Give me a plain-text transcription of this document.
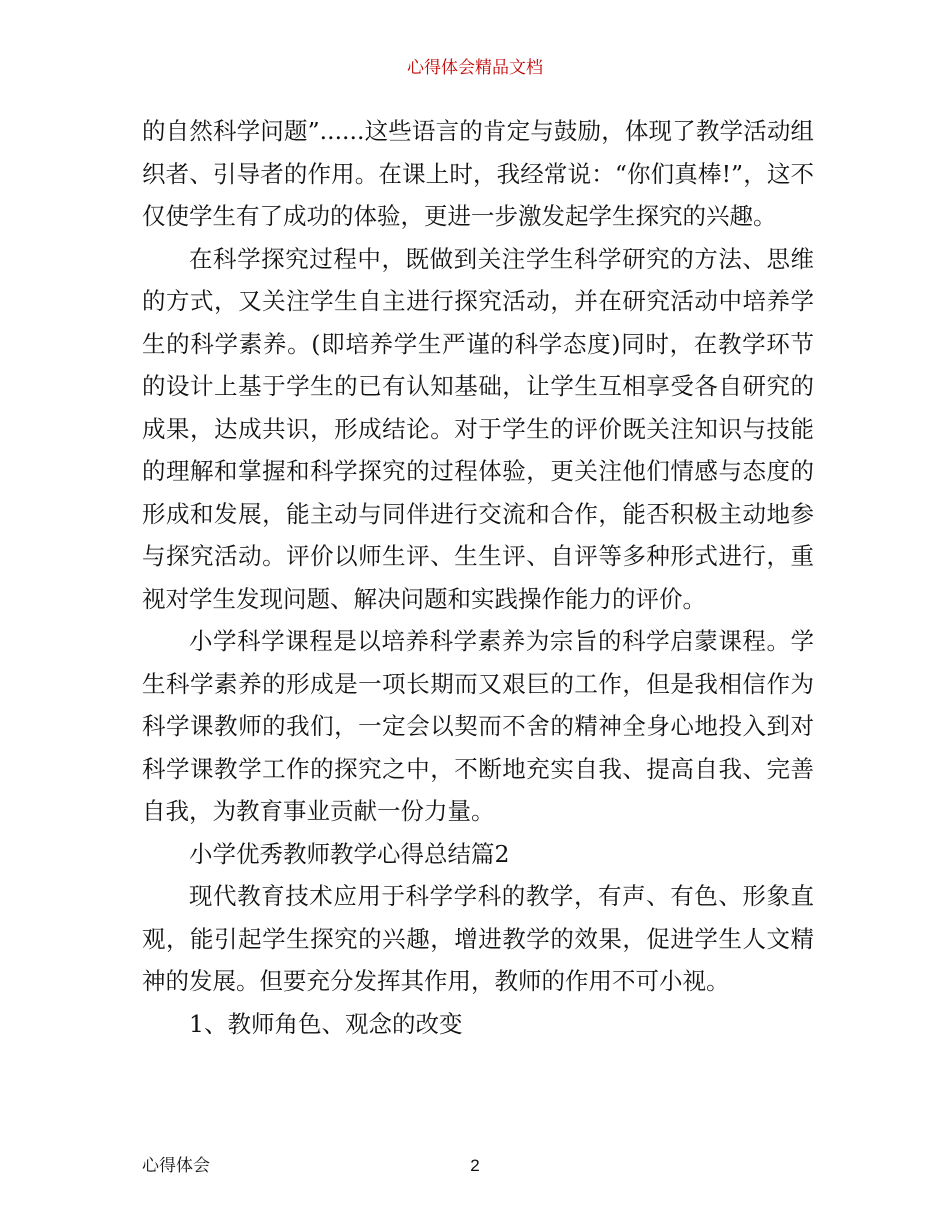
心得体会精品文档

的自然科学问题”......这些语言的肯定与鼓励，体现了教学活动组织者、引导者的作用。在课上时，我经常说：“你们真棒!”，这不仅使学生有了成功的体验，更进一步激发起学生探究的兴趣。

在科学探究过程中，既做到关注学生科学研究的方法、思维的方式，又关注学生自主进行探究活动，并在研究活动中培养学生的科学素养。(即培养学生严谨的科学态度)同时，在教学环节的设计上基于学生的已有认知基础，让学生互相享受各自研究的成果，达成共识，形成结论。对于学生的评价既关注知识与技能的理解和掌握和科学探究的过程体验，更关注他们情感与态度的形成和发展，能主动与同伴进行交流和合作，能否积极主动地参与探究活动。评价以师生评、生生评、自评等多种形式进行，重视对学生发现问题、解决问题和实践操作能力的评价。

小学科学课程是以培养科学素养为宗旨的科学启蒙课程。学生科学素养的形成是一项长期而又艰巨的工作，但是我相信作为科学课教师的我们，一定会以契而不舍的精神全身心地投入到对科学课教学工作的探究之中，不断地充实自我、提高自我、完善自我，为教育事业贡献一份力量。

小学优秀教师教学心得总结篇2

现代教育技术应用于科学学科的教学，有声、有色、形象直观，能引起学生探究的兴趣，增进教学的效果，促进学生人文精神的发展。但要充分发挥其作用，教师的作用不可小视。

1、教师角色、观念的改变

心得体会	2
